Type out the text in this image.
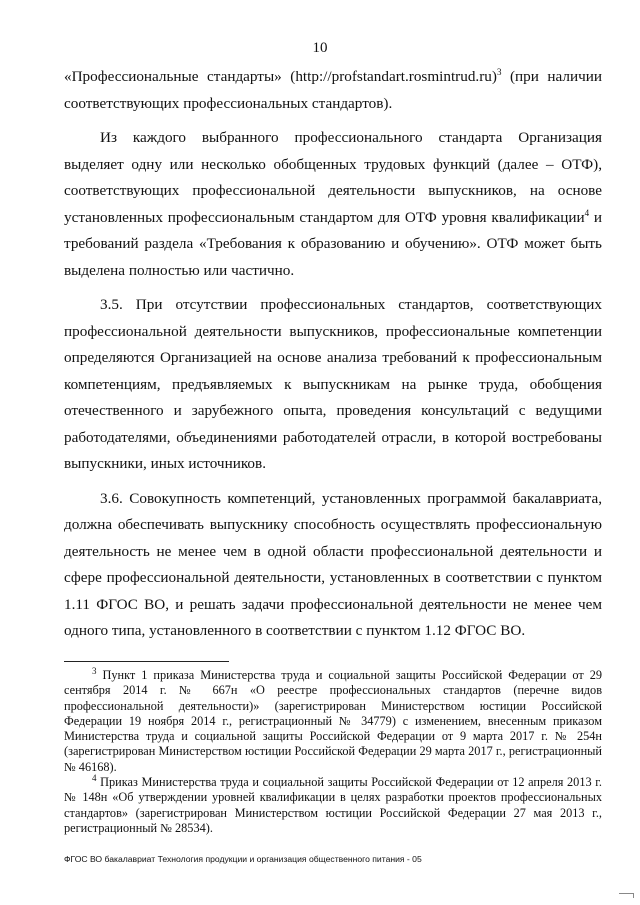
10

«Профессиональные стандарты» (http://profstandart.rosmintrud.ru)$^3$ (при наличии соответствующих профессиональных стандартов).

Из каждого выбранного профессионального стандарта Организация выделяет одну или несколько обобщенных трудовых функций (далее – ОТФ), соответствующих профессиональной деятельности выпускников, на основе установленных профессиональным стандартом для ОТФ уровня квалификации$^4$ и требований раздела «Требования к образованию и обучению». ОТФ может быть выделена полностью или частично.

3.5. При отсутствии профессиональных стандартов, соответствующих профессиональной деятельности выпускников, профессиональные компетенции определяются Организацией на основе анализа требований к профессиональным компетенциям, предъявляемых к выпускникам на рынке труда, обобщения отечественного и зарубежного опыта, проведения консультаций с ведущими работодателями, объединениями работодателей отрасли, в которой востребованы выпускники, иных источников.

3.6. Совокупность компетенций, установленных программой бакалавриата, должна обеспечивать выпускнику способность осуществлять профессиональную деятельность не менее чем в одной области профессиональной деятельности и сфере профессиональной деятельности, установленных в соответствии с пунктом 1.11 ФГОС ВО, и решать задачи профессиональной деятельности не менее чем одного типа, установленного в соответствии с пунктом 1.12 ФГОС ВО.

$^3$ Пункт 1 приказа Министерства труда и социальной защиты Российской Федерации от 29 сентября 2014 г. № 667н «О реестре профессиональных стандартов (перечне видов профессиональной деятельности)» (зарегистрирован Министерством юстиции Российской Федерации 19 ноября 2014 г., регистрационный № 34779) с изменением, внесенным приказом Министерства труда и социальной защиты Российской Федерации от 9 марта 2017 г. № 254н (зарегистрирован Министерством юстиции Российской Федерации 29 марта 2017 г., регистрационный № 46168).

$^4$ Приказ Министерства труда и социальной защиты Российской Федерации от 12 апреля 2013 г. № 148н «Об утверждении уровней квалификации в целях разработки проектов профессиональных стандартов» (зарегистрирован Министерством юстиции Российской Федерации 27 мая 2013 г., регистрационный № 28534).

ФГОС ВО бакалавриат Технология продукции и организация общественного питания - 05
